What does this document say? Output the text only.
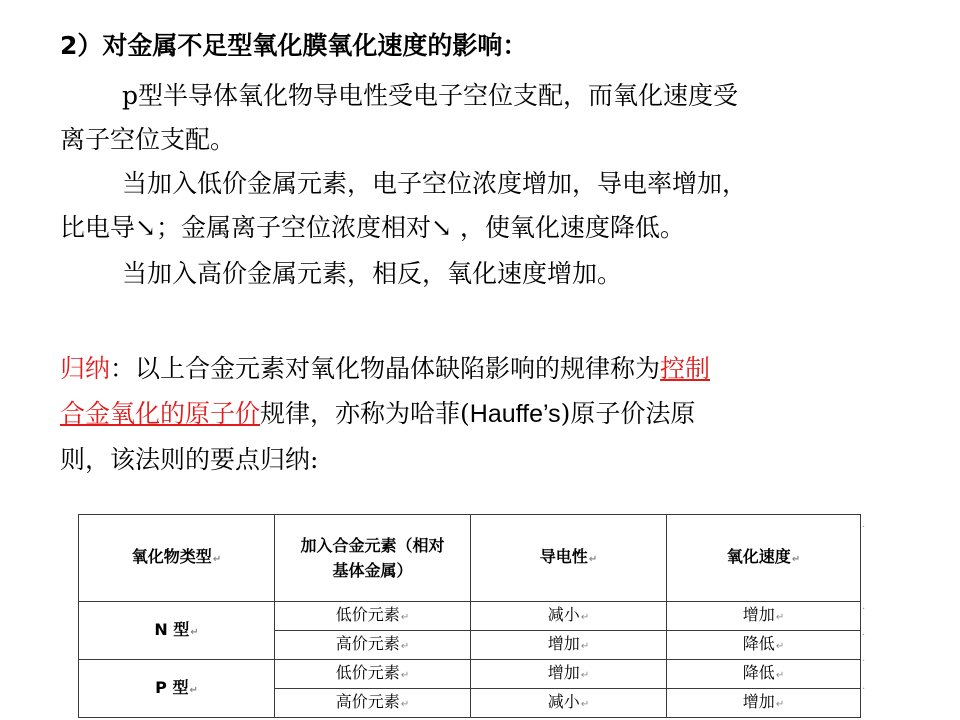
2）对金属不足型氧化膜氧化速度的影响：
p型半导体氧化物导电性受电子空位支配，而氧化速度受
离子空位支配。
当加入低价金属元素，电子空位浓度增加，导电率增加，
比电导↘；金属离子空位浓度相对↘ ，使氧化速度降低。
当加入高价金属元素，相反，氧化速度增加。
归纳：以上合金元素对氧化物晶体缺陷影响的规律称为控制
合金氧化的原子价规律，亦称为哈菲(Hauffe’s)原子价法原
则，该法则的要点归纳:
氧化物类型↵	加入合金元素（相对基体金属）	导电性↵	氧化速度↵
N 型↵	低价元素↵	减小↵	增加↵
	高价元素↵	增加↵	降低↵
P 型↵	低价元素↵	增加↵	降低↵
	高价元素↵	减小↵	增加↵
·
·
·
·
·
